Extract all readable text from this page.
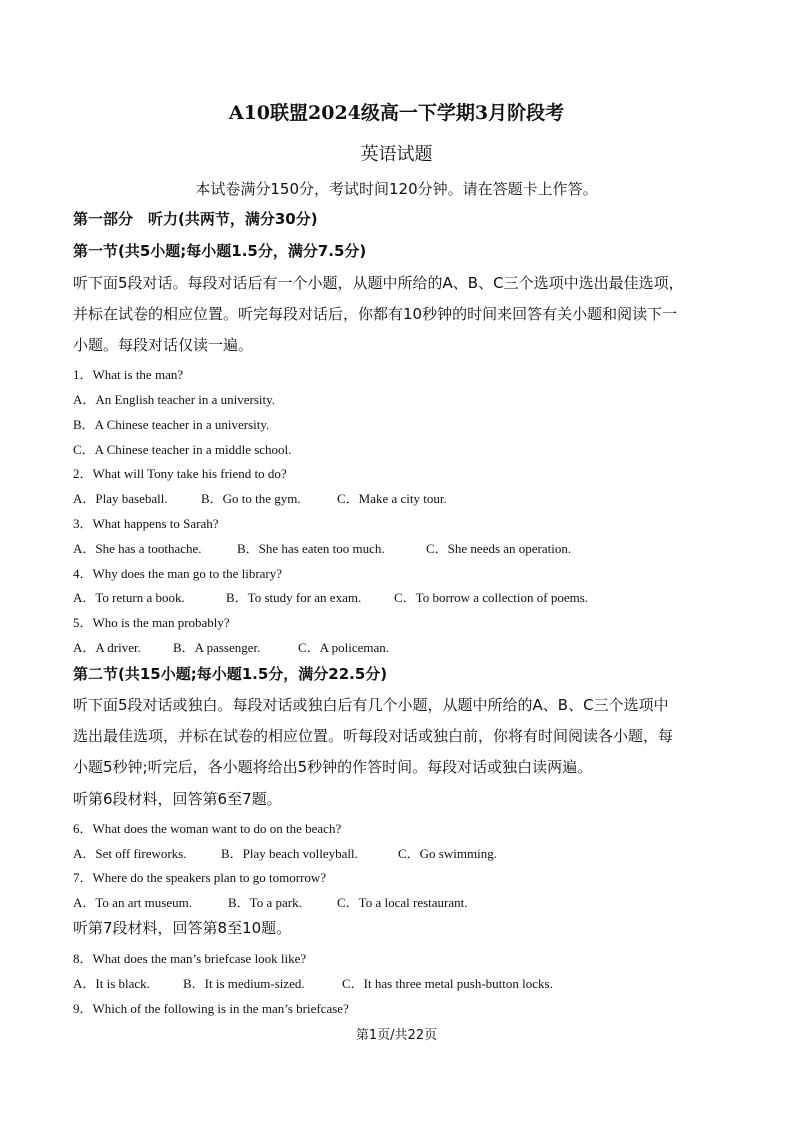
A10联盟2024级高一下学期3月阶段考
英语试题
本试卷满分150分，考试时间120分钟。请在答题卡上作答。
第一部分　听力(共两节，满分30分)
第一节(共5小题;每小题1.5分，满分7.5分)
听下面5段对话。每段对话后有一个小题，从题中所给的A、B、C三个选项中选出最佳选项，
并标在试卷的相应位置。听完每段对话后，你都有10秒钟的时间来回答有关小题和阅读下一
小题。每段对话仅读一遍。
1．What is the man?
A．An English teacher in a university.
B．A Chinese teacher in a university.
C．A Chinese teacher in a middle school.
2．What will Tony take his friend to do?
A．Play baseball.	B．Go to the gym.	C．Make a city tour.
3．What happens to Sarah?
A．She has a toothache.	B．She has eaten too much.	C．She needs an operation.
4．Why does the man go to the library?
A．To return a book.	B．To study for an exam.	C．To borrow a collection of poems.
5．Who is the man probably?
A．A driver. B．A passenger.	C．A policeman.
第二节(共15小题;每小题1.5分，满分22.5分)
听下面5段对话或独白。每段对话或独白后有几个小题，从题中所给的A、B、C三个选项中
选出最佳选项，并标在试卷的相应位置。听每段对话或独白前，你将有时间阅读各小题，每
小题5秒钟;听完后，各小题将给出5秒钟的作答时间。每段对话或独白读两遍。
听第6段材料，回答第6至7题。
6．What does the woman want to do on the beach?
A．Set off fireworks.	B．Play beach volleyball.	C．Go swimming.
7．Where do the speakers plan to go tomorrow?
A．To an art museum.	B．To a park.	C．To a local restaurant.
听第7段材料，回答第8至10题。
8．What does the man’s briefcase look like?
A．It is black.	B．It is medium-sized.	C．It has three metal push-button locks.
9．Which of the following is in the man’s briefcase?
第1页/共22页
